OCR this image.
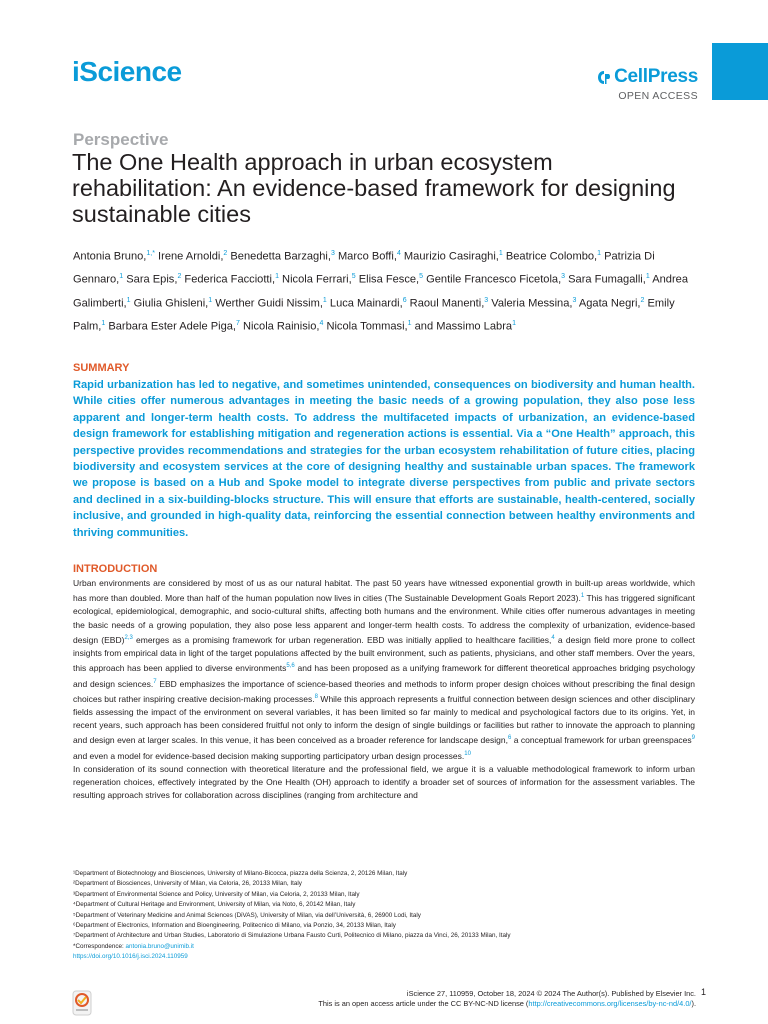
iScience	CellPress
OPEN ACCESS
Perspective
The One Health approach in urban ecosystem rehabilitation: An evidence-based framework for designing sustainable cities
Antonia Bruno,$^{1,*}$ Irene Arnoldi,$^2$ Benedetta Barzaghi,$^3$ Marco Boffi,$^4$ Maurizio Casiraghi,$^1$ Beatrice Colombo,$^1$ Patrizia Di Gennaro,$^1$ Sara Epis,$^2$ Federica Facciotti,$^1$ Nicola Ferrari,$^5$ Elisa Fesce,$^5$ Gentile Francesco Ficetola,$^3$ Sara Fumagalli,$^1$ Andrea Galimberti,$^1$ Giulia Ghisleni,$^1$ Werther Guidi Nissim,$^1$ Luca Mainardi,$^6$ Raoul Manenti,$^3$ Valeria Messina,$^3$ Agata Negri,$^2$ Emily Palm,$^1$ Barbara Ester Adele Piga,$^7$ Nicola Rainisio,$^4$ Nicola Tommasi,$^1$ and Massimo Labra$^1$
SUMMARY
Rapid urbanization has led to negative, and sometimes unintended, consequences on biodiversity and human health. While cities offer numerous advantages in meeting the basic needs of a growing population, they also pose less apparent and longer-term health costs. To address the multifaceted impacts of urbanization, an evidence-based design framework for establishing mitigation and regeneration actions is essential. Via a “One Health” approach, this perspective provides recommendations and strategies for the urban ecosystem rehabilitation of future cities, placing biodiversity and ecosystem services at the core of designing healthy and sustainable urban spaces. The framework we propose is based on a Hub and Spoke model to integrate diverse perspectives from public and private sectors and declined in a six-building-blocks structure. This will ensure that efforts are sustainable, health-centered, socially inclusive, and grounded in high-quality data, reinforcing the essential connection between healthy environments and thriving communities.
INTRODUCTION

Urban environments are considered by most of us as our natural habitat. The past 50 years have witnessed exponential growth in built-up areas worldwide, which has more than doubled. More than half of the human population now lives in cities (The Sustainable Development Goals Report 2023).$^1$ This has triggered significant ecological, epidemiological, demographic, and socio-cultural shifts, affecting both humans and the environment. While cities offer numerous advantages in meeting the basic needs of a growing population, they also pose less apparent and longer-term health costs. To address the complexity of urbanization, evidence-based design (EBD)$^{2,3}$ emerges as a promising framework for urban regeneration. EBD was initially applied to healthcare facilities,$^4$ a design field more prone to collect insights from empirical data in light of the target populations affected by the built environment, such as patients, physicians, and other staff members. Over the years, this approach has been applied to diverse environments$^{5,6}$ and has been proposed as a unifying framework for different theoretical approaches bridging psychology and design sciences.$^7$ EBD emphasizes the importance of science-based theories and methods to inform proper design choices without prescribing the final design choices but rather inspiring creative decision-making processes.$^8$ While this approach represents a fruitful connection between design sciences and other disciplinary fields assessing the impact of the environment on several variables, it has been limited so far mainly to medical and psychological factors due to its origins. Yet, in recent years, such approach has been considered fruitful not only to inform the design of single buildings or facilities but rather to innovate the approach to planning and design even at larger scales. In this venue, it has been conceived as a broader reference for landscape design,$^6$ a conceptual framework for urban greenspaces$^9$ and even a model for evidence-based decision making supporting participatory urban design processes.$^{10}$

In consideration of its sound connection with theoretical literature and the professional field, we argue it is a valuable methodological framework to inform urban regeneration choices, effectively integrated by the One Health (OH) approach to identify a broader set of sources of information for the assessment variables. The resulting approach strives for collaboration across disciplines (ranging from architecture and

¹Department of Biotechnology and Biosciences, University of Milano-Bicocca, piazza della Scienza, 2, 20126 Milan, Italy
²Department of Biosciences, University of Milan, via Celoria, 26, 20133 Milan, Italy
³Department of Environmental Science and Policy, University of Milan, via Celoria, 2, 20133 Milan, Italy
⁴Department of Cultural Heritage and Environment, University of Milan, via Noto, 6, 20142 Milan, Italy
⁵Department of Veterinary Medicine and Animal Sciences (DiVAS), University of Milan, via dell’Università, 6, 26900 Lodi, Italy
⁶Department of Electronics, Information and Bioengineering, Politecnico di Milano, via Ponzio, 34, 20133 Milan, Italy
⁷Department of Architecture and Urban Studies, Laboratorio di Simulazione Urbana Fausto Curti, Politecnico di Milano, piazza da Vinci, 26, 20133 Milan, Italy
*Correspondence: antonia.bruno@unimib.it
https://doi.org/10.1016/j.isci.2024.110959
iScience 27, 110959, October 18, 2024 © 2024 The Author(s). Published by Elsevier Inc.
This is an open access article under the CC BY-NC-ND license (http://creativecommons.org/licenses/by-nc-nd/4.0/).
1
